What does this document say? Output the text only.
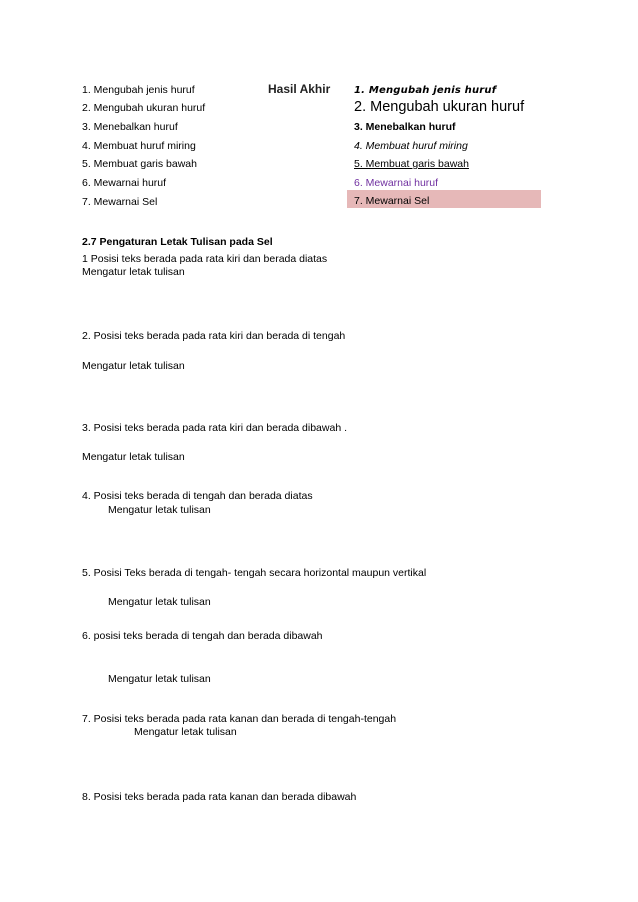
1. Mengubah jenis huruf
2. Mengubah ukuran huruf
3. Menebalkan huruf
4. Membuat huruf miring
5. Membuat garis bawah
6. Mewarnai huruf
7. Mewarnai Sel
Hasil Akhir 1. Mengubah jenis huruf
2. Mengubah ukuran huruf
3. Menebalkan huruf
4. Membuat huruf miring
5. Membuat garis bawah
6. Mewarnai huruf
7. Mewarnai Sel
2.7 Pengaturan Letak Tulisan pada Sel
1 Posisi teks berada pada rata kiri dan berada diatas
Mengatur letak tulisan
2. Posisi teks berada pada rata kiri dan berada di tengah
Mengatur letak tulisan
3. Posisi teks berada pada rata kiri dan berada dibawah .
Mengatur letak tulisan
4. Posisi teks berada di tengah dan berada diatas
Mengatur letak tulisan
5. Posisi Teks berada di tengah- tengah secara horizontal maupun vertikal
Mengatur letak tulisan
6. posisi teks berada di tengah dan berada dibawah
Mengatur letak tulisan
7. Posisi teks berada pada rata kanan dan berada di tengah-tengah
Mengatur letak tulisan
8. Posisi teks berada pada rata kanan dan berada dibawah
